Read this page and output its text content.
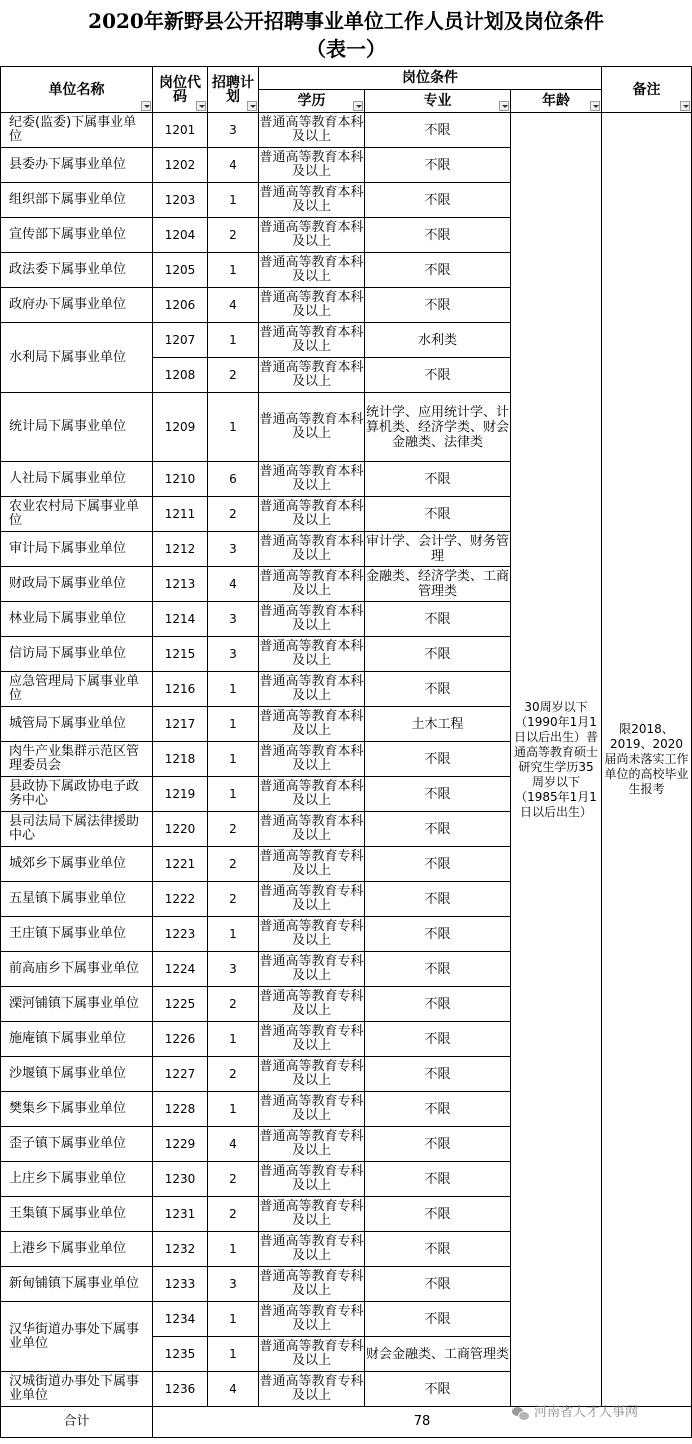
2020年新野县公开招聘事业单位工作人员计划及岗位条件
（表一）
单位名称	岗位代码	招聘计划	岗位条件			备注

			学历	专业	年龄	

纪委(监委)下属事业单位	1201	3	普通高等教育本科及以上	不限	30周岁以下（1990年1月1日以后出生）普通高等教育硕士研究生学历35周岁以下（1985年1月1日以后出生）	限2018、2019、2020届尚未落实工作单位的高校毕业生报考
县委办下属事业单位	1202	4	普通高等教育本科及以上	不限		
组织部下属事业单位	1203	1	普通高等教育本科及以上	不限		
宣传部下属事业单位	1204	2	普通高等教育本科及以上	不限		
政法委下属事业单位	1205	1	普通高等教育本科及以上	不限		
政府办下属事业单位	1206	4	普通高等教育本科及以上	不限		
水利局下属事业单位	1207	1	普通高等教育本科及以上	水利类		
	1208	2	普通高等教育本科及以上	不限		
统计局下属事业单位	1209	1	普通高等教育本科及以上	统计学、应用统计学、计算机类、经济学类、财会金融类、法律类		
人社局下属事业单位	1210	6	普通高等教育本科及以上	不限		
农业农村局下属事业单位	1211	2	普通高等教育本科及以上	不限		
审计局下属事业单位	1212	3	普通高等教育本科及以上	审计学、会计学、财务管理		
财政局下属事业单位	1213	4	普通高等教育本科及以上	金融类、经济学类、工商管理类		
林业局下属事业单位	1214	3	普通高等教育本科及以上	不限		
信访局下属事业单位	1215	3	普通高等教育本科及以上	不限		
应急管理局下属事业单位	1216	1	普通高等教育本科及以上	不限		
城管局下属事业单位	1217	1	普通高等教育本科及以上	土木工程		
肉牛产业集群示范区管理委员会	1218	1	普通高等教育本科及以上	不限		
县政协下属政协电子政务中心	1219	1	普通高等教育本科及以上	不限		
县司法局下属法律援助中心	1220	2	普通高等教育本科及以上	不限		
城郊乡下属事业单位	1221	2	普通高等教育专科及以上	不限		
五星镇下属事业单位	1222	2	普通高等教育专科及以上	不限		
王庄镇下属事业单位	1223	1	普通高等教育专科及以上	不限		
前高庙乡下属事业单位	1224	3	普通高等教育专科及以上	不限		
溧河铺镇下属事业单位	1225	2	普通高等教育专科及以上	不限		
施庵镇下属事业单位	1226	1	普通高等教育专科及以上	不限		
沙堰镇下属事业单位	1227	2	普通高等教育专科及以上	不限		
樊集乡下属事业单位	1228	1	普通高等教育专科及以上	不限		
歪子镇下属事业单位	1229	4	普通高等教育专科及以上	不限		
上庄乡下属事业单位	1230	2	普通高等教育专科及以上	不限		
王集镇下属事业单位	1231	2	普通高等教育专科及以上	不限		
上港乡下属事业单位	1232	1	普通高等教育专科及以上	不限		
新甸铺镇下属事业单位	1233	3	普通高等教育专科及以上	不限		
汉华街道办事处下属事业单位	1234	1	普通高等教育专科及以上	不限		
	1235	1	普通高等教育专科及以上	财会金融类、工商管理类		
汉城街道办事处下属事业单位	1236	4	普通高等教育专科及以上	不限		
合计	78					
河南省人才人事网
